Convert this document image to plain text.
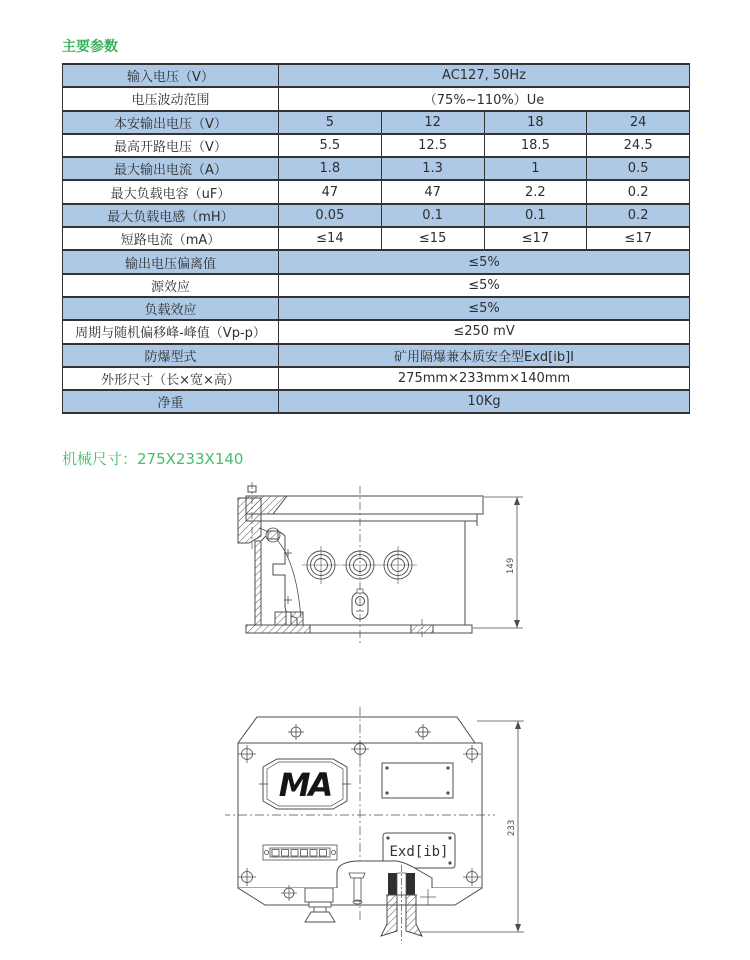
主要参数
输入电压（V）	AC127, 50Hz			
电压波动范围	（75%~110%）Ue			
本安输出电压（V）	5	12	18	24
最高开路电压（V）	5.5	12.5	18.5	24.5
最大输出电流（A）	1.8	1.3	1	0.5
最大负载电容（uF）	47	47	2.2	0.2
最大负载电感（mH）	0.05	0.1	0.1	0.2
短路电流（mA）	≤14	≤15	≤17	≤17
输出电压偏离值	≤5%			
源效应	≤5%			
负载效应	≤5%			
周期与随机偏移峰-峰值（Vp-p）	≤250 mV			
防爆型式	矿用隔爆兼本质安全型Exd[ib]I			
外形尺寸（长×宽×高）	275mm×233mm×140mm			
净重	10Kg			
机械尺寸：275X233X140
149
MA
Exd[ib]
233
